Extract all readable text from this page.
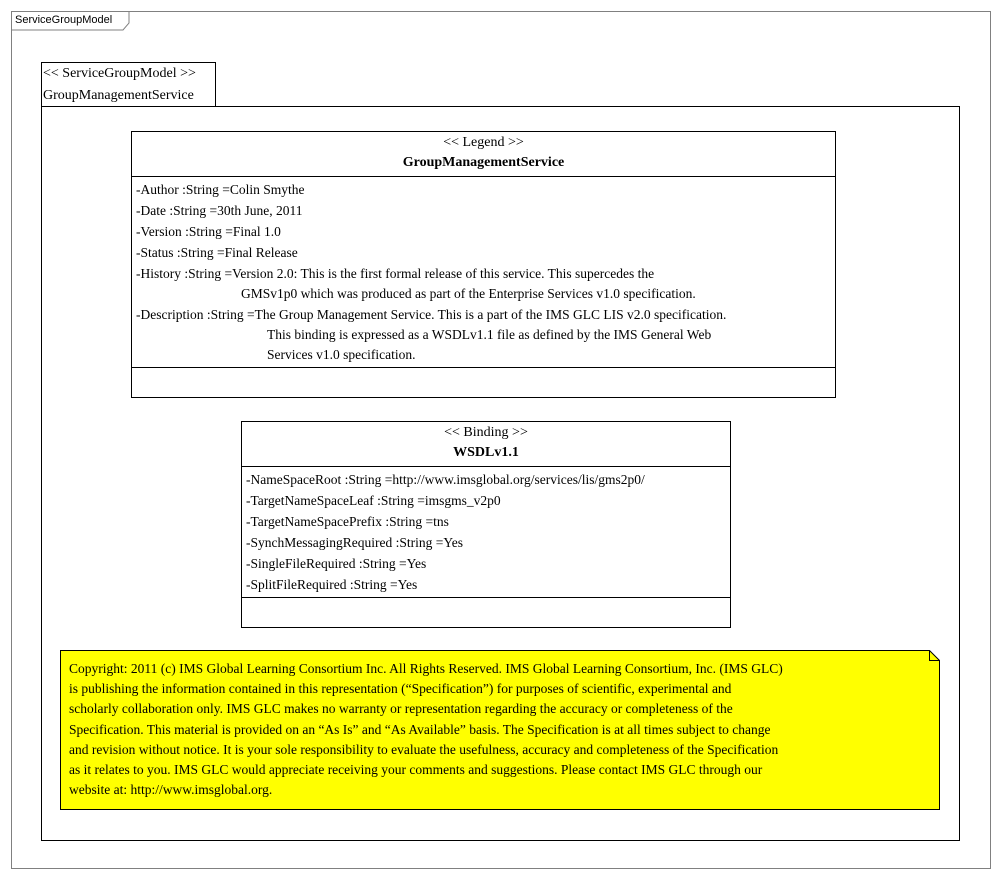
ServiceGroupModel
<< ServiceGroupModel >>
GroupManagementService
<< Legend >>
GroupManagementService
-Author :String =Colin Smythe
-Date :String =30th June, 2011
-Version :String =Final 1.0
-Status :String =Final Release
-History :String =Version 2.0: This is the first formal release of this service. This supercedes the
GMSv1p0 which was produced as part of the Enterprise Services v1.0 specification.
-Description :String =The Group Management Service. This is a part of the IMS GLC LIS v2.0 specification.
This binding is expressed as a WSDLv1.1 file as defined by the IMS General Web
Services v1.0 specification.
<< Binding >>
WSDLv1.1
-NameSpaceRoot :String =http://www.imsglobal.org/services/lis/gms2p0/
-TargetNameSpaceLeaf :String =imsgms_v2p0
-TargetNameSpacePrefix :String =tns
-SynchMessagingRequired :String =Yes
-SingleFileRequired :String =Yes
-SplitFileRequired :String =Yes
Copyright: 2011 (c) IMS Global Learning Consortium Inc. All Rights Reserved. IMS Global Learning Consortium, Inc. (IMS GLC)
is publishing the information contained in this representation (“Specification”) for purposes of scientific, experimental and
scholarly collaboration only. IMS GLC makes no warranty or representation regarding the accuracy or completeness of the
Specification. This material is provided on an “As Is” and “As Available” basis. The Specification is at all times subject to change
and revision without notice. It is your sole responsibility to evaluate the usefulness, accuracy and completeness of the Specification
as it relates to you. IMS GLC would appreciate receiving your comments and suggestions. Please contact IMS GLC through our
website at: http://www.imsglobal.org.
